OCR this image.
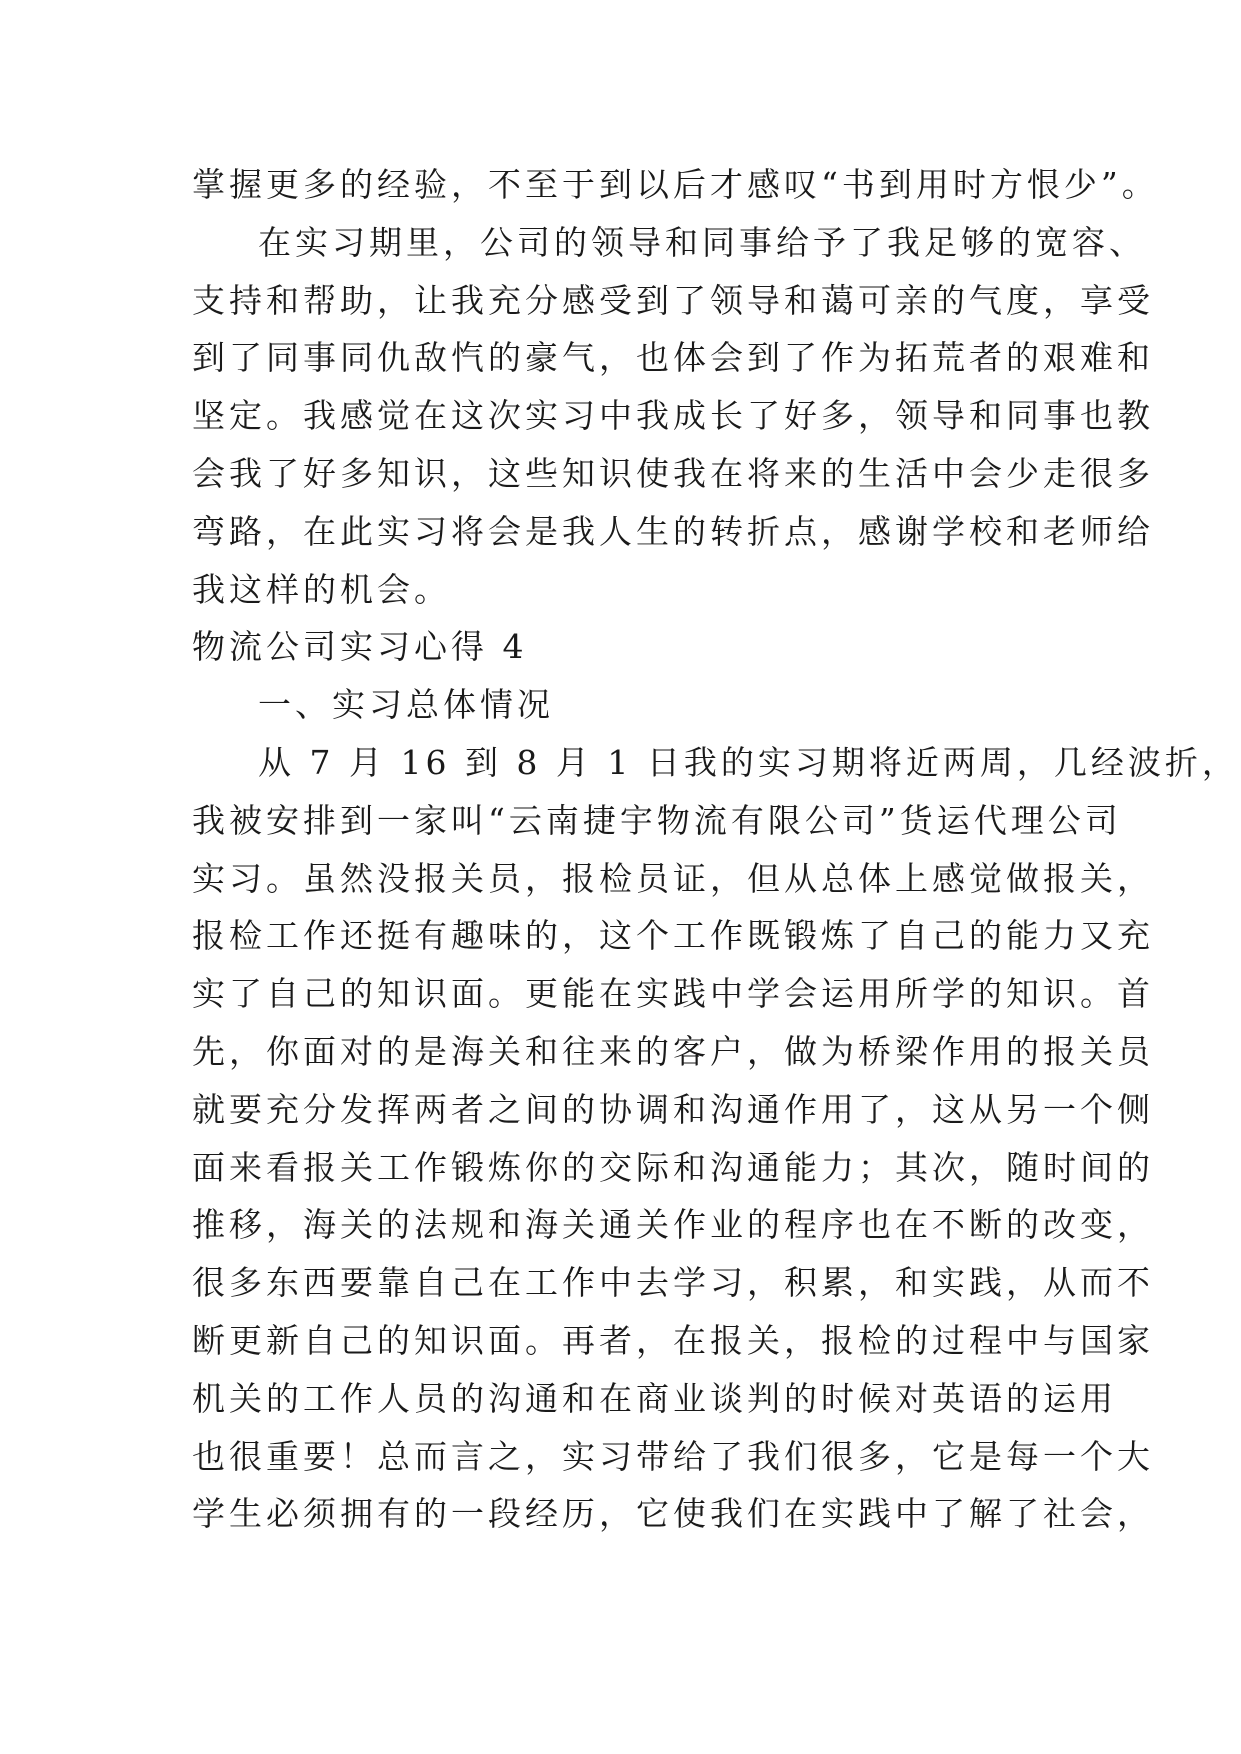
掌握更多的经验，不至于到以后才感叹“书到用时方恨少”。

在实习期里，公司的领导和同事给予了我足够的宽容、

支持和帮助，让我充分感受到了领导和蔼可亲的气度，享受

到了同事同仇敌忾的豪气，也体会到了作为拓荒者的艰难和

坚定。我感觉在这次实习中我成长了好多，领导和同事也教

会我了好多知识，这些知识使我在将来的生活中会少走很多

弯路，在此实习将会是我人生的转折点，感谢学校和老师给

我这样的机会。

物流公司实习心得 4

一、实习总体情况

从 7 月 16 到 8 月 1 日我的实习期将近两周，几经波折，

我被安排到一家叫“云南捷宇物流有限公司”货运代理公司

实习。虽然没报关员，报检员证，但从总体上感觉做报关，

报检工作还挺有趣味的，这个工作既锻炼了自己的能力又充

实了自己的知识面。更能在实践中学会运用所学的知识。首

先，你面对的是海关和往来的客户，做为桥梁作用的报关员

就要充分发挥两者之间的协调和沟通作用了，这从另一个侧

面来看报关工作锻炼你的交际和沟通能力；其次，随时间的

推移，海关的法规和海关通关作业的程序也在不断的改变，

很多东西要靠自己在工作中去学习，积累，和实践，从而不

断更新自己的知识面。再者，在报关，报检的过程中与国家

机关的工作人员的沟通和在商业谈判的时候对英语的运用

也很重要！总而言之，实习带给了我们很多，它是每一个大

学生必须拥有的一段经历，它使我们在实践中了解了社会，
